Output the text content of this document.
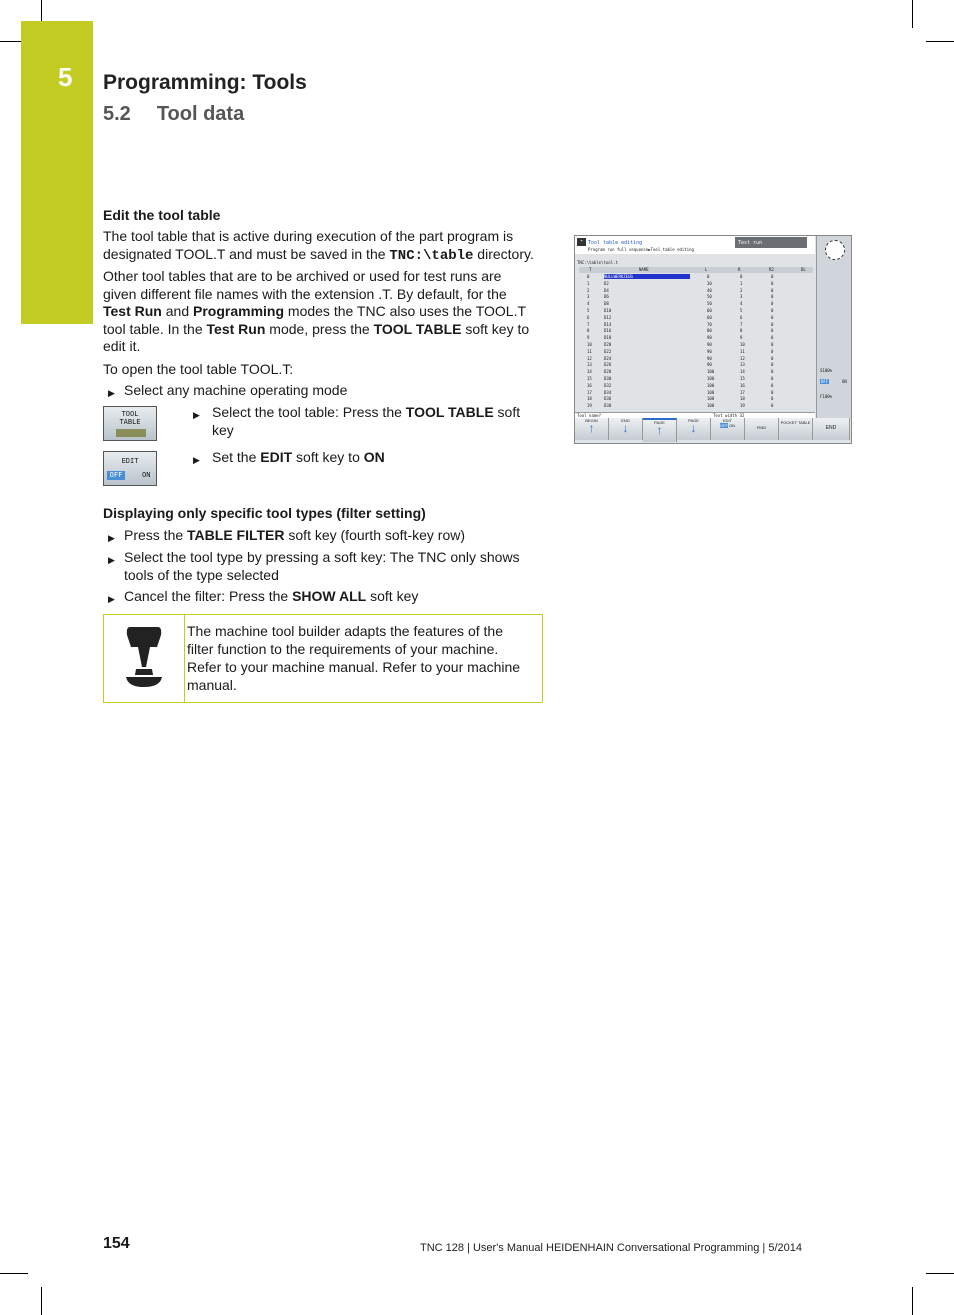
5 Programming: Tools
5.2 Tool data
Edit the tool table
The tool table that is active during execution of the part program is
designated TOOL.T and must be saved in the TNC:\table directory.
Other tool tables that are to be archived or used for test runs are
given different file names with the extension .T. By default, for the
Test Run and Programming modes the TNC also uses the TOOL.T
tool table. In the Test Run mode, press the TOOL TABLE soft key to
edit it.
To open the tool table TOOL.T:
▶ Select any machine operating mode
TOOL
TABLE
▶ Select the tool table: Press the TOOL TABLE soft
key
EDIT
OFF	ON
▶ Set the EDIT soft key to ON
Displaying only specific tool types (filter setting)
▶ Press the TABLE FILTER soft key (fourth soft-key row)
▶ Select the tool type by pressing a soft key: The TNC only shows
tools of the type selected
▶ Cancel the filter: Press the SHOW ALL soft key
The machine tool builder adapts the features of the
filter function to the requirements of your machine.
Refer to your machine manual. Refer to your machine
manual.
➜	Tool table editing
Program run full sequence▶Tool table editing
Test run
TNC:\table\tool.t
T	NAME	L	R	R2	DL
Tool name?	Text width 32
S100%
F100%
OFF	ON
0	NULLWERKZEUG	0	0	0
1	D2	30	1	0
2	D4	40	2	0
3	D6	50	3	0
4	D8	50	4	0
5	D10	60	5	0
6	D12	60	6	0
7	D14	70	7	0
8	D16	80	8	0
9	D18	90	9	0
10	D20	90	10	0
11	D22	90	11	0
12	D24	90	12	0
13	D26	90	13	0
14	D28	100	14	0
15	D30	100	15	0
16	D32	100	16	0
17	D34	100	17	0
18	D36	100	18	0
19	D38	100	19	0
BEGIN
↑
END
↓	PAGE
↑
PAGE
↓
EDIT
OFF ON	FIND
POCKET TABLE
END
154	TNC 128 | User's Manual HEIDENHAIN Conversational Programming | 5/2014
